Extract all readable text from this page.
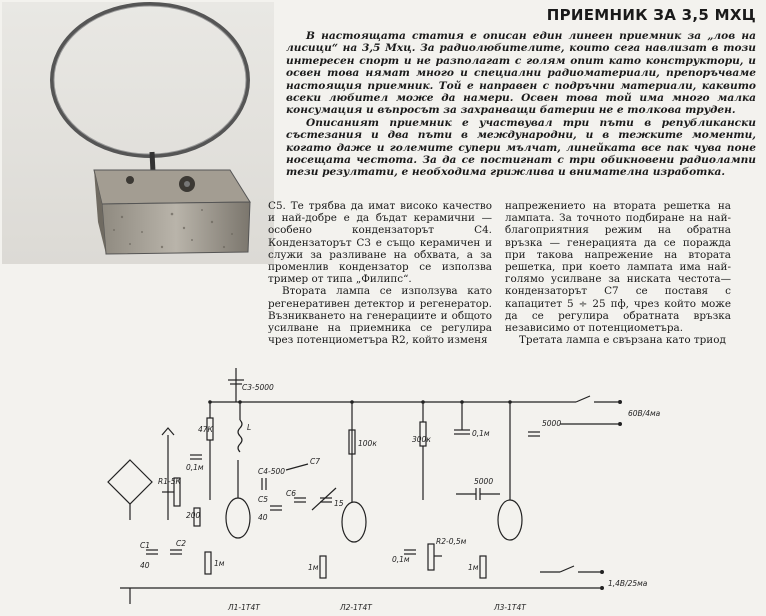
ПРИЕМНИК ЗА 3,5 МХЦ

В настоящата статия е описан един линеен приемник за „лов на лисици“ на 3,5 Мхц. За радиолюбителите, които сега навлизат в този интересен спорт и не разполагат с голям опит като конструктори, и освен това нямат много и специални радиоматериали, препоръчваме настоящия приемник. Той е направен с подръчни материали, каквито всеки любител може да намери. Освен това той има много малка консумация и въпросът за захранващи батерии не е толкова труден.

Описаният приемник е участвувал три пъти в републикански състезания и два пъти в международни, и в тежките моменти, когато даже и големите супери мълчат, линейката все пак чува поне носещата честота. За да се постигнат с три обикновени радиолампи тези резултати, е необходима грижлива и внимателна изработка.

C5. Те трябва да имат високо качество и най-добре е да бъдат керамични — особено кондензаторът C4. Кондензаторът C3 е също керамичен и служи за разливане на обхвата, а за променлив кондензатор се използва тример от типа „Филипс“.

Втората лампа се използува като регенеративен детектор и регенератор. Възникването на генерациите и общото усилване на приемника се регулира чрез потенциометъра R2, който изменя

напрежението на втората решетка на лампата. За точното подбиране на най-благоприятния режим на обратна връзка — генерацията да се поражда при такова напрежение на втората решетка, при което лампата има най-голямо усилване за ниската честота—кондензаторът C7 се поставя с капацитет 5 ÷ 25 пф, чрез който може да се регулира обратната връзка независимо от потенциометъра.

Третата лампа е свързана като триод

C3-5000
47К
0,1м
L
C7
C4-500
C5
40
C6
15
100к	300к
0,1м
5000
5000
R1-5К
200
C1
40
C2
1м	1м
0,1м
R2-0,5м
1м
Л1-1Т4Т	Л2-1Т4Т	Л3-1Т4Т
60В/4ма
1,4В/25ма
